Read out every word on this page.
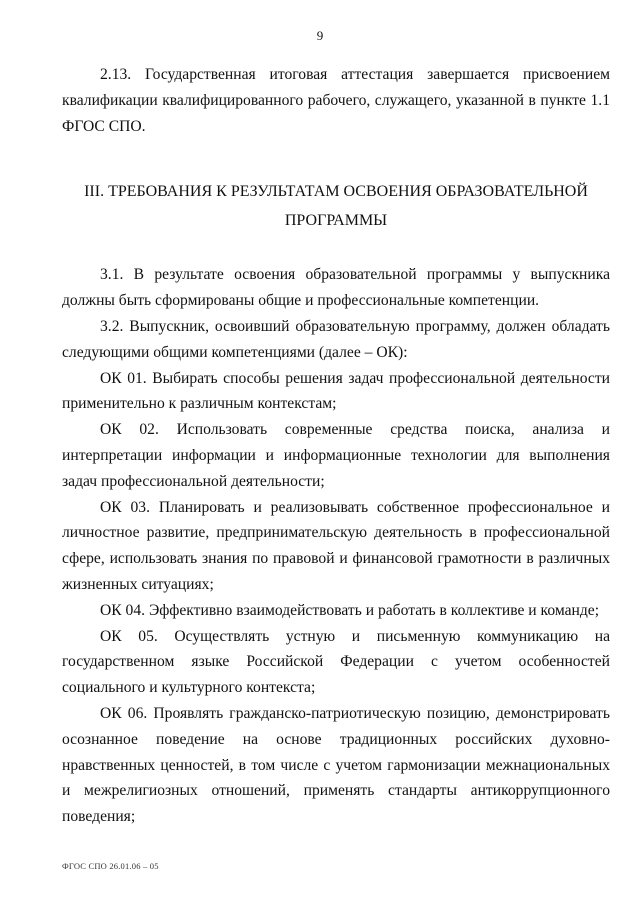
9

2.13. Государственная итоговая аттестация завершается присвоением квалификации квалифицированного рабочего, служащего, указанной в пункте 1.1 ФГОС СПО.

III. ТРЕБОВАНИЯ К РЕЗУЛЬТАТАМ ОСВОЕНИЯ ОБРАЗОВАТЕЛЬНОЙ
ПРОГРАММЫ

3.1. В результате освоения образовательной программы у выпускника должны быть сформированы общие и профессиональные компетенции.

3.2. Выпускник, освоивший образовательную программу, должен обладать следующими общими компетенциями (далее – ОК):

ОК 01. Выбирать способы решения задач профессиональной деятельности применительно к различным контекстам;

ОК 02. Использовать современные средства поиска, анализа и интерпретации информации и информационные технологии для выполнения задач профессиональной деятельности;

ОК 03. Планировать и реализовывать собственное профессиональное и личностное развитие, предпринимательскую деятельность в профессиональной сфере, использовать знания по правовой и финансовой грамотности в различных жизненных ситуациях;

ОК 04. Эффективно взаимодействовать и работать в коллективе и команде;

ОК 05. Осуществлять устную и письменную коммуникацию на государственном языке Российской Федерации с учетом особенностей социального и культурного контекста;

ОК 06. Проявлять гражданско-патриотическую позицию, демонстрировать осознанное поведение на основе традиционных российских духовно-нравственных ценностей, в том числе с учетом гармонизации межнациональных и межрелигиозных отношений, применять стандарты антикоррупционного поведения;

ФГОС СПО 26.01.06 – 05
